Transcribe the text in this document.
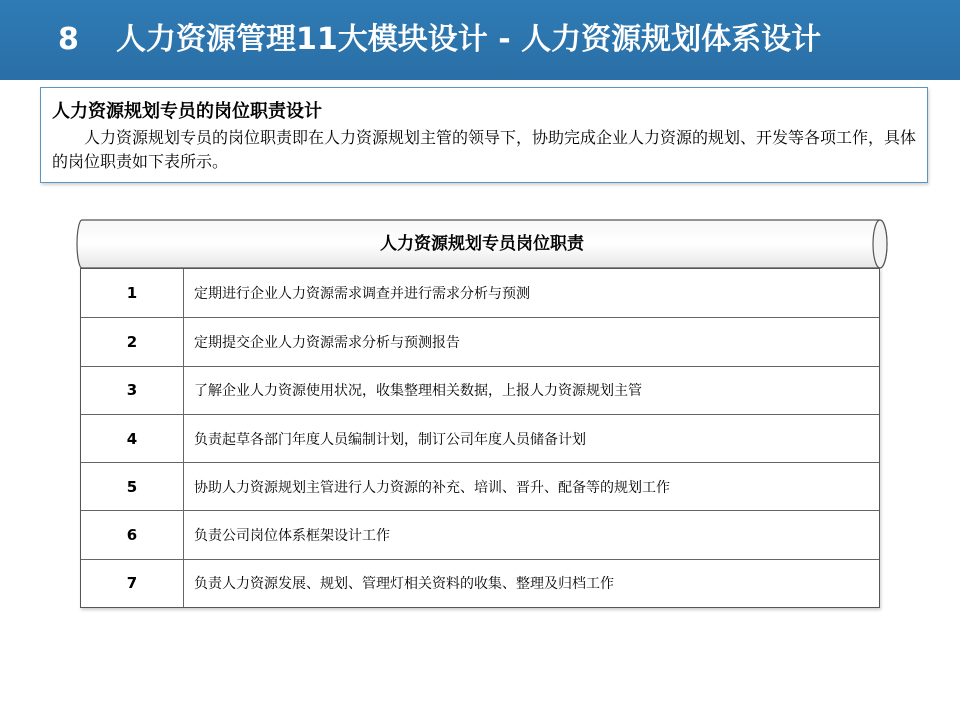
8 人力资源管理11大模块设计 - 人力资源规划体系设计
人力资源规划专员的岗位职责设计
人力资源规划专员的岗位职责即在人力资源规划主管的领导下，协助完成企业人力资源的规划、开发等各项工作，具体的岗位职责如下表所示。
人力资源规划专员岗位职责
1	定期进行企业人力资源需求调查并进行需求分析与预测
2	定期提交企业人力资源需求分析与预测报告
3	了解企业人力资源使用状况，收集整理相关数据，上报人力资源规划主管
4	负责起草各部门年度人员编制计划，制订公司年度人员储备计划
5	协助人力资源规划主管进行人力资源的补充、培训、晋升、配备等的规划工作
6	负责公司岗位体系框架设计工作
7	负责人力资源发展、规划、管理灯相关资料的收集、整理及归档工作
